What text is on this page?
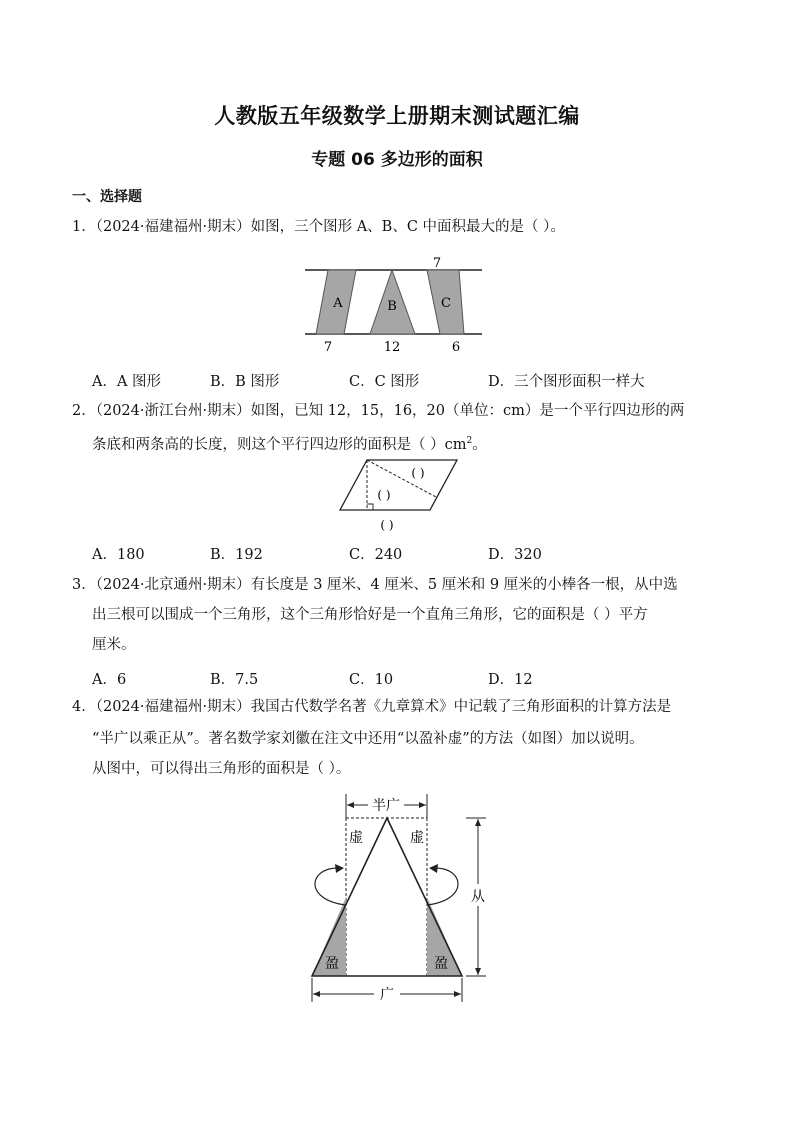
人教版五年级数学上册期末测试题汇编
专题 06 多边形的面积
一、选择题
1．（2024·福建福州·期末）如图，三个图形 A、B、C 中面积最大的是（ ）。
7
A	B	C
7	12	6
A．A 图形	B．B 图形	C．C 图形	D．三个图形面积一样大
2．（2024·浙江台州·期末）如图，已知 12，15，16，20（单位：cm）是一个平行四边形的两
条底和两条高的长度，则这个平行四边形的面积是（ ）$cm^2$。
( )
( )
( )
A．180	B．192	C．240	D．320
3．（2024·北京通州·期末）有长度是 3 厘米、4 厘米、5 厘米和 9 厘米的小棒各一根，从中选
出三根可以围成一个三角形，这个三角形恰好是一个直角三角形，它的面积是（ ）平方
厘米。
A．6	B．7.5	C．10	D．12
4．（2024·福建福州·期末）我国古代数学名著《九章算术》中记载了三角形面积的计算方法是
“半广以乘正从”。著名数学家刘徽在注文中还用“以盈补虚”的方法（如图）加以说明。
从图中，可以得出三角形的面积是（ ）。
半广
虚	虚
盈	盈
从
广
